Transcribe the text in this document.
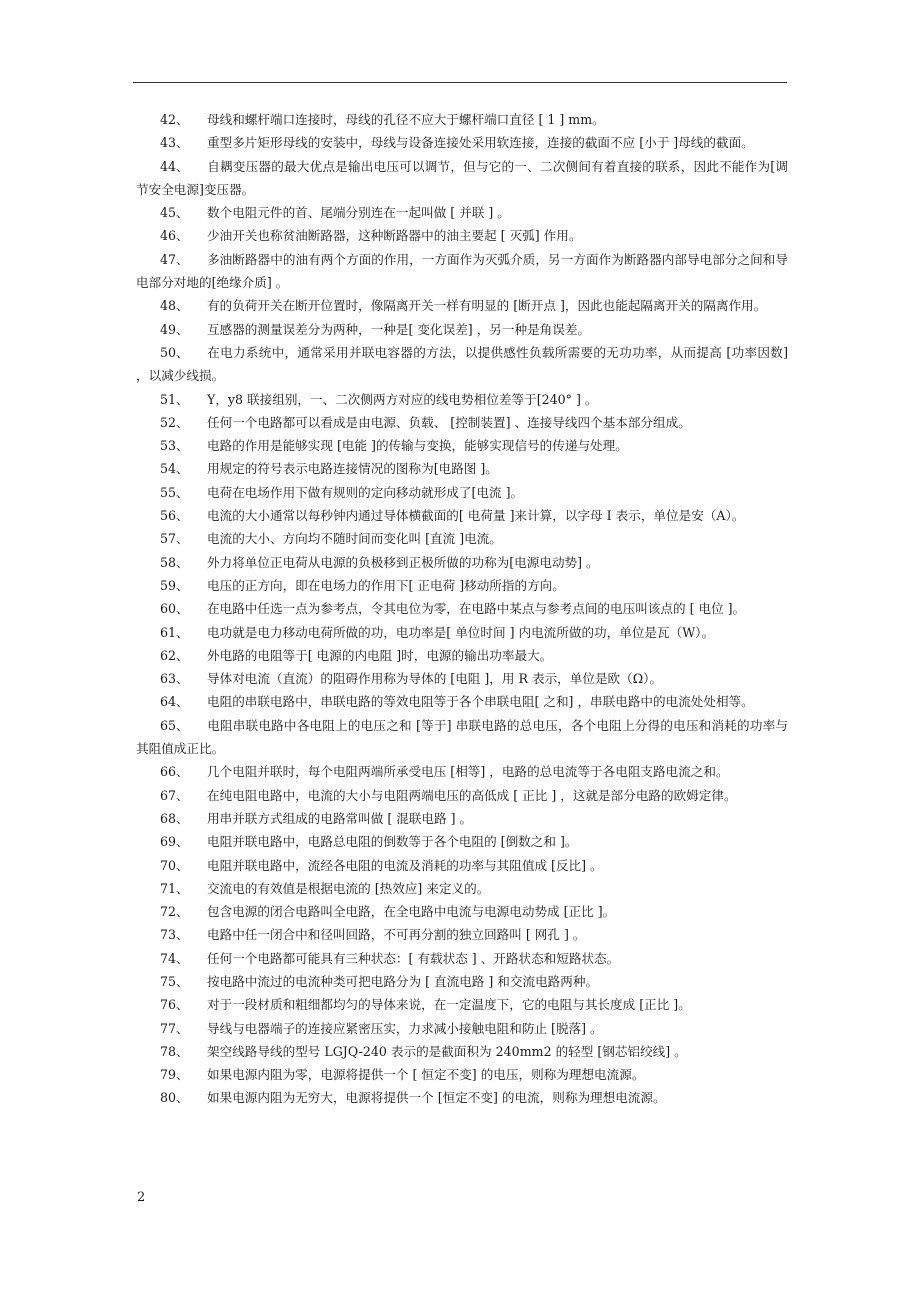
42、 母线和螺杆端口连接时，母线的孔径不应大于螺杆端口直径 [ 1 ] mm。
43、 重型多片矩形母线的安装中，母线与设备连接处采用软连接，连接的截面不应 [小于 ]母线的截面。
44、 自耦变压器的最大优点是输出电压可以调节，但与它的一、二次侧间有着直接的联系，因此不能作为[调节安全电源]变压器。
45、 数个电阻元件的首、尾端分别连在一起叫做 [ 并联 ] 。
46、 少油开关也称贫油断路器，这种断路器中的油主要起 [ 灭弧] 作用。
47、 多油断路器中的油有两个方面的作用，一方面作为灭弧介质，另一方面作为断路器内部导电部分之间和导电部分对地的[绝缘介质] 。
48、 有的负荷开关在断开位置时，像隔离开关一样有明显的 [断开点 ]，因此也能起隔离开关的隔离作用。
49、 互感器的测量误差分为两种，一种是[ 变化误差] ，另一种是角误差。
50、 在电力系统中，通常采用并联电容器的方法，以提供感性负载所需要的无功功率，从而提高 [功率因数] ，以减少线损。
51、 Y，y8 联接组别，一、二次侧两方对应的线电势相位差等于[240° ] 。
52、 任何一个电路都可以看成是由电源、负载、 [控制装置] 、连接导线四个基本部分组成。
53、 电路的作用是能够实现 [电能 ]的传输与变换，能够实现信号的传递与处理。
54、 用规定的符号表示电路连接情况的图称为[电路图 ]。
55、 电荷在电场作用下做有规则的定向移动就形成了[电流 ]。
56、 电流的大小通常以每秒钟内通过导体横截面的[ 电荷量 ]来计算，以字母 I 表示，单位是安（A）。
57、 电流的大小、方向均不随时间而变化叫 [直流 ]电流。
58、 外力将单位正电荷从电源的负极移到正极所做的功称为[电源电动势] 。
59、 电压的正方向，即在电场力的作用下[ 正电荷 ]移动所指的方向。
60、 在电路中任选一点为参考点，令其电位为零，在电路中某点与参考点间的电压叫该点的 [ 电位 ]。
61、 电功就是电力移动电荷所做的功，电功率是[ 单位时间 ] 内电流所做的功，单位是瓦（W）。
62、 外电路的电阻等于[ 电源的内电阻 ]时，电源的输出功率最大。
63、 导体对电流（直流）的阻碍作用称为导体的 [电阻 ]，用 R 表示，单位是欧（Ω）。
64、 电阻的串联电路中，串联电路的等效电阻等于各个串联电阻[ 之和] ，串联电路中的电流处处相等。
65、 电阻串联电路中各电阻上的电压之和 [等于] 串联电路的总电压，各个电阻上分得的电压和消耗的功率与其阻值成正比。
66、 几个电阻并联时，每个电阻两端所承受电压 [相等] ，电路的总电流等于各电阻支路电流之和。
67、 在纯电阻电路中，电流的大小与电阻两端电压的高低成 [ 正比 ] ，这就是部分电路的欧姆定律。
68、 用串并联方式组成的电路常叫做 [ 混联电路 ] 。
69、 电阻并联电路中，电路总电阻的倒数等于各个电阻的 [倒数之和 ]。
70、 电阻并联电路中，流经各电阻的电流及消耗的功率与其阻值成 [反比] 。
71、 交流电的有效值是根据电流的 [热效应] 来定义的。
72、 包含电源的闭合电路叫全电路，在全电路中电流与电源电动势成 [正比 ]。
73、 电路中任一闭合中和径叫回路，不可再分割的独立回路叫 [ 网孔 ] 。
74、 任何一个电路都可能具有三种状态：[ 有载状态 ] 、开路状态和短路状态。
75、 按电路中流过的电流种类可把电路分为 [ 直流电路 ] 和交流电路两种。
76、 对于一段材质和粗细都均匀的导体来说，在一定温度下，它的电阻与其长度成 [正比 ]。
77、 导线与电器端子的连接应紧密压实，力求减小接触电阻和防止 [脱落] 。
78、 架空线路导线的型号 LGJQ-240 表示的是截面积为 240mm2 的轻型 [钢芯铝绞线] 。
79、 如果电源内阻为零，电源将提供一个 [ 恒定不变] 的电压，则称为理想电流源。
80、 如果电源内阻为无穷大，电源将提供一个 [恒定不变] 的电流，则称为理想电流源。
2
